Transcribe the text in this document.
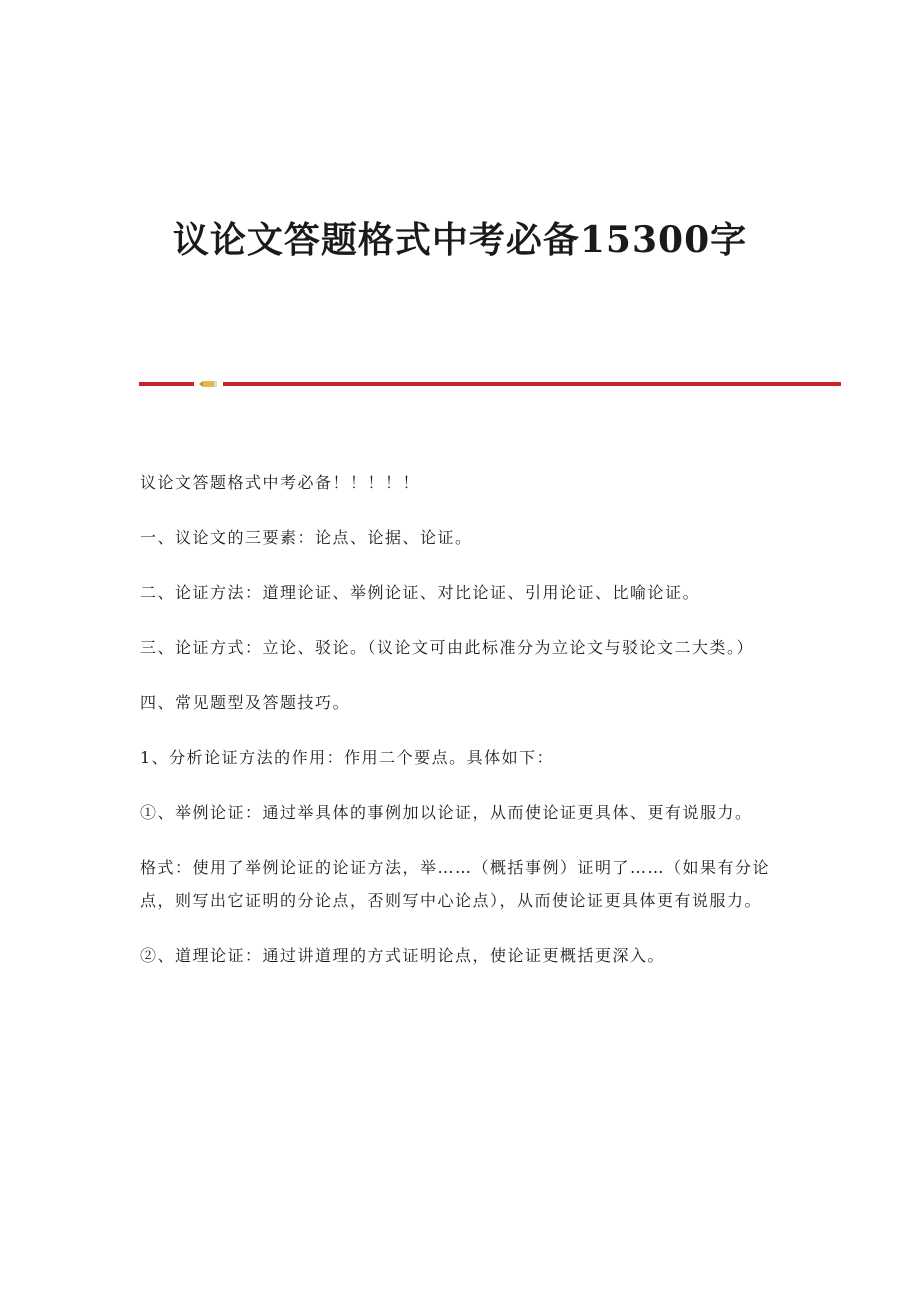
议论文答题格式中考必备15300字

议论文答题格式中考必备！！！！！

一、议论文的三要素：论点、论据、论证。

二、论证方法：道理论证、举例论证、对比论证、引用论证、比喻论证。

三、论证方式：立论、驳论。（议论文可由此标准分为立论文与驳论文二大类。）

四、常见题型及答题技巧。

1、分析论证方法的作用：作用二个要点。具体如下：

①、举例论证：通过举具体的事例加以论证，从而使论证更具体、更有说服力。

格式：使用了举例论证的论证方法，举……（概括事例）证明了……（如果有分论点，则写出它证明的分论点，否则写中心论点），从而使论证更具体更有说服力。

②、道理论证：通过讲道理的方式证明论点，使论证更概括更深入。
